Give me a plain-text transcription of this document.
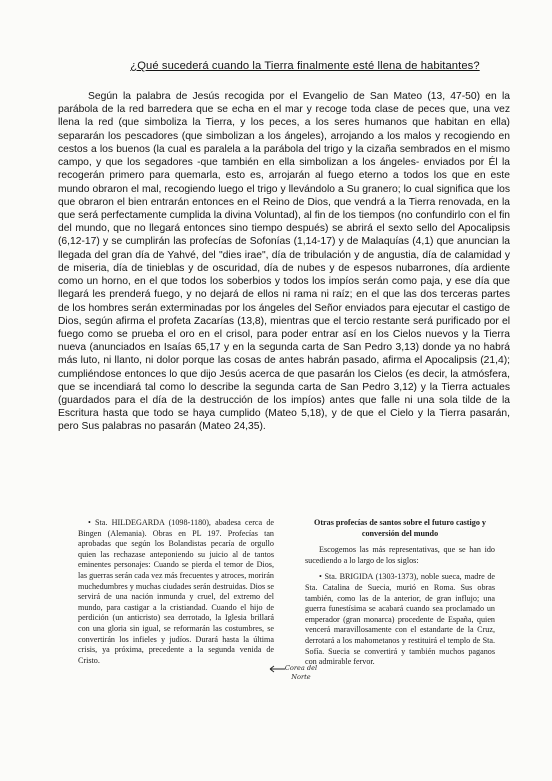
¿Qué sucederá cuando la Tierra finalmente esté llena de habitantes?

Según la palabra de Jesús recogida por el Evangelio de San Mateo (13, 47-50) en la parábola de la red barredera que se echa en el mar y recoge toda clase de peces que, una vez llena la red (que simboliza la Tierra, y los peces, a los seres humanos que habitan en ella) separarán los pescadores (que simbolizan a los ángeles), arrojando a los malos y recogiendo en cestos a los buenos (la cual es paralela a la parábola del trigo y la cizaña sembrados en el mismo campo, y que los segadores -que también en ella simbolizan a los ángeles- enviados por Él la recogerán primero para quemarla, esto es, arrojarán al fuego eterno a todos los que en este mundo obraron el mal, recogiendo luego el trigo y llevándolo a Su granero; lo cual significa que los que obraron el bien entrarán entonces en el Reino de Dios, que vendrá a la Tierra renovada, en la que será perfectamente cumplida la divina Voluntad), al fin de los tiempos (no confundirlo con el fin del mundo, que no llegará entonces sino tiempo después) se abrirá el sexto sello del Apocalipsis (6,12-17) y se cumplirán las profecías de Sofonías (1,14-17) y de Malaquías (4,1) que anuncian la llegada del gran día de Yahvé, del "dies irae", día de tribulación y de angustia, día de calamidad y de miseria, día de tinieblas y de oscuridad, día de nubes y de espesos nubarrones, día ardiente como un horno, en el que todos los soberbios y todos los impíos serán como paja, y ese día que llegará les prenderá fuego, y no dejará de ellos ni rama ni raíz; en el que las dos terceras partes de los hombres serán exterminadas por los ángeles del Señor enviados para ejecutar el castigo de Dios, según afirma el profeta Zacarías (13,8), mientras que el tercio restante será purificado por el fuego como se prueba el oro en el crisol, para poder entrar así en los Cielos nuevos y la Tierra nueva (anunciados en Isaías 65,17 y en la segunda carta de San Pedro 3,13) donde ya no habrá más luto, ni llanto, ni dolor porque las cosas de antes habrán pasado, afirma el Apocalipsis (21,4); cumpliéndose entonces lo que dijo Jesús acerca de que pasarán los Cielos (es decir, la atmósfera, que se incendiará tal como lo describe la segunda carta de San Pedro 3,12) y la Tierra actuales (guardados para el día de la destrucción de los impíos) antes que falle ni una sola tilde de la Escritura hasta que todo se haya cumplido (Mateo 5,18), y de que el Cielo y la Tierra pasarán, pero Sus palabras no pasarán (Mateo 24,35).

• Sta. HILDEGARDA (1098-1180), abadesa cerca de Bingen (Alemania). Obras en PL 197. Profecías tan aprobadas que según los Bolandistas pecaría de orgullo quien las rechazase anteponiendo su juicio al de tantos eminentes personajes: Cuando se pierda el temor de Dios, las guerras serán cada vez más frecuentes y atroces, morirán muchedumbres y muchas ciudades serán destruidas. Dios se servirá de una nación inmunda y cruel, del extremo del mundo, para castigar a la cristiandad. Cuando el hijo de perdición (un anticristo) sea derrotado, la Iglesia brillará con una gloria sin igual, se reformarán las costumbres, se convertirán los infieles y judíos. Durará hasta la última crisis, ya próxima, precedente a la segunda venida de Cristo.

Corea del Norte
Otras profecías de santos sobre el futuro castigo y conversión del mundo

Escogemos las más representativas, que se han ido sucediendo a lo largo de los siglos:

• Sta. BRIGIDA (1303-1373), noble sueca, madre de Sta. Catalina de Suecia, murió en Roma. Sus obras también, como las de la anterior, de gran influjo; una guerra funestísima se acabará cuando sea proclamado un emperador (gran monarca) procedente de España, quien vencerá maravillosamente con el estandarte de la Cruz, derrotará a los mahometanos y restituirá el templo de Sta. Sofía. Suecia se convertirá y también muchos paganos con admirable fervor.
